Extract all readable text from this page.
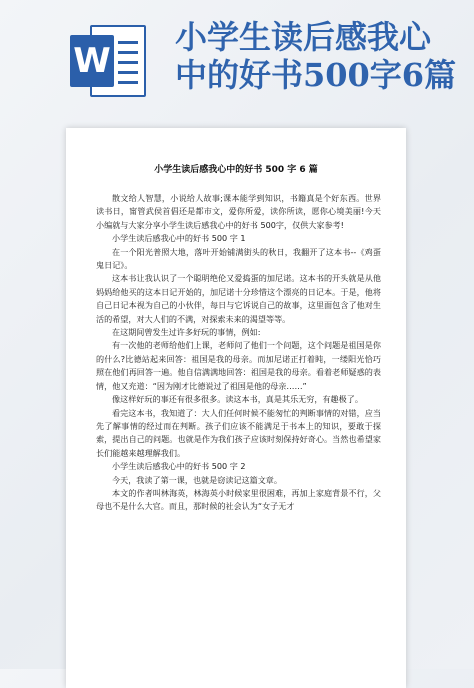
W
小学生读后感我心
中的好书500字6篇
小学生读后感我心中的好书 500 字 6 篇

散文给人智慧，小说给人故事;课本能学到知识，书籍真是个好东西。世界读书日，甯管武侯首倡还是都市文，爱你所爱，读你所读，愿你心境美丽!今天小编就与大家分享小学生读后感我心中的好书 500字，仅供大家参考!

小学生读后感我心中的好书 500 字 1

在一个阳光普照大地，落叶开始铺满街头的秋日，我翻开了这本书--《鸡蛋鬼日记》。

这本书让我认识了一个聪明绝伦又爱捣蛋的加尼诺。这本书的开头就是从他妈妈给他买的这本日记开始的，加尼诺十分珍惜这个漂亮的日记本。于是，他将自己日记本视为自己的小伙伴，每日与它诉说自己的故事，这里面包含了他对生活的希望，对大人们的不满，对探索未来的渴望等等。

在这期间曾发生过许多好玩的事情，例如:

有一次他的老师给他们上课，老师问了他们一个问题，这个问题是祖国是你的什么?比德站起来回答：祖国是我的母亲。而加尼诺正打着盹，一缕阳光恰巧照在他们再回答一遍。他自信满满地回答：祖国是我的母亲。看着老师疑惑的表情，他又充道：“因为刚才比德说过了祖国是他的母亲……”

像这样好玩的事还有很多很多。读这本书，真是其乐无穷，有趣极了。

看完这本书，我知道了：大人们任何时候不能匆忙的判断事情的对错，应当先了解事情的经过而在判断。孩子们应该不能满足于书本上的知识，要敢于探索，提出自己的问题。也就是作为我们孩子应该时刻保持好奇心。当然也希望家长们能越来越理解我们。

小学生读后感我心中的好书 500 字 2

今天，我读了第一课，也就是窃读记这篇文章。

本文的作者叫林海英，林海英小时候家里很困难，再加上家庭背景不行，父母也不是什么大官。而且，那时候的社会认为“女子无才
